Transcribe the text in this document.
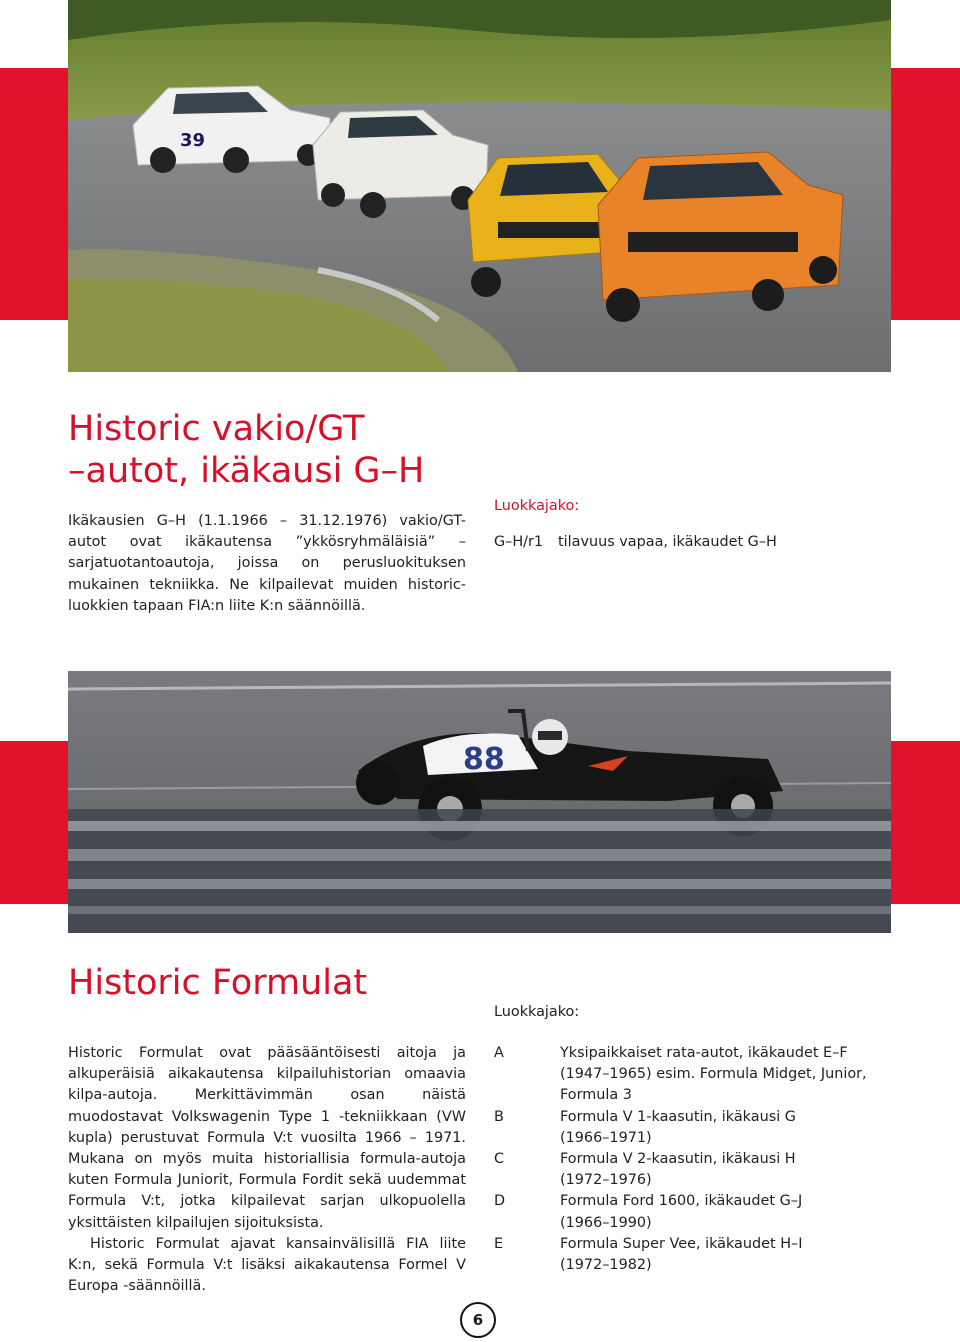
39
Historic vakio/GT
–autot, ikäkausi G–H

Ikäkausien G–H (1.1.1966 – 31.12.1976) vakio/GT-autot ovat ikäkautensa ”ykkösryhmäläisiä” – sarjatuotantoautoja, joissa on perusluokituksen mukainen tekniikka. Ne kilpailevat muiden historic-luokkien tapaan FIA:n liite K:n säännöillä.

Luokkajako:
G–H/r1	tilavuus vapaa, ikäkaudet G–H
88
Historic Formulat
Luokkajako:

Historic Formulat ovat pääsääntöisesti aitoja ja alkuperäisiä aikakautensa kilpailuhistorian omaavia kilpa-autoja. Merkittävimmän osan näistä muodostavat Volkswagenin Type 1 -tekniikkaan (VW kupla) perustuvat Formula V:t vuosilta 1966 – 1971. Mukana on myös muita historiallisia formula-autoja kuten Formula Juniorit, Formula Fordit sekä uudemmat Formula V:t, jotka kilpailevat sarjan ulkopuolella yksittäisten kilpailujen sijoituksista.

Historic Formulat ajavat kansainvälisillä FIA liite K:n, sekä Formula V:t lisäksi aikakautensa Formel V Europa -säännöillä.

A	Yksipaikkaiset rata-autot, ikäkaudet E–F (1947–1965) esim. Formula Midget, Junior, Formula 3
B	Formula V 1-kaasutin, ikäkausi G (1966–1971)
C	Formula V 2-kaasutin, ikäkausi H (1972–1976)
D	Formula Ford 1600, ikäkaudet G–J (1966–1990)
E	Formula Super Vee, ikäkaudet H–I (1972–1982)
6
